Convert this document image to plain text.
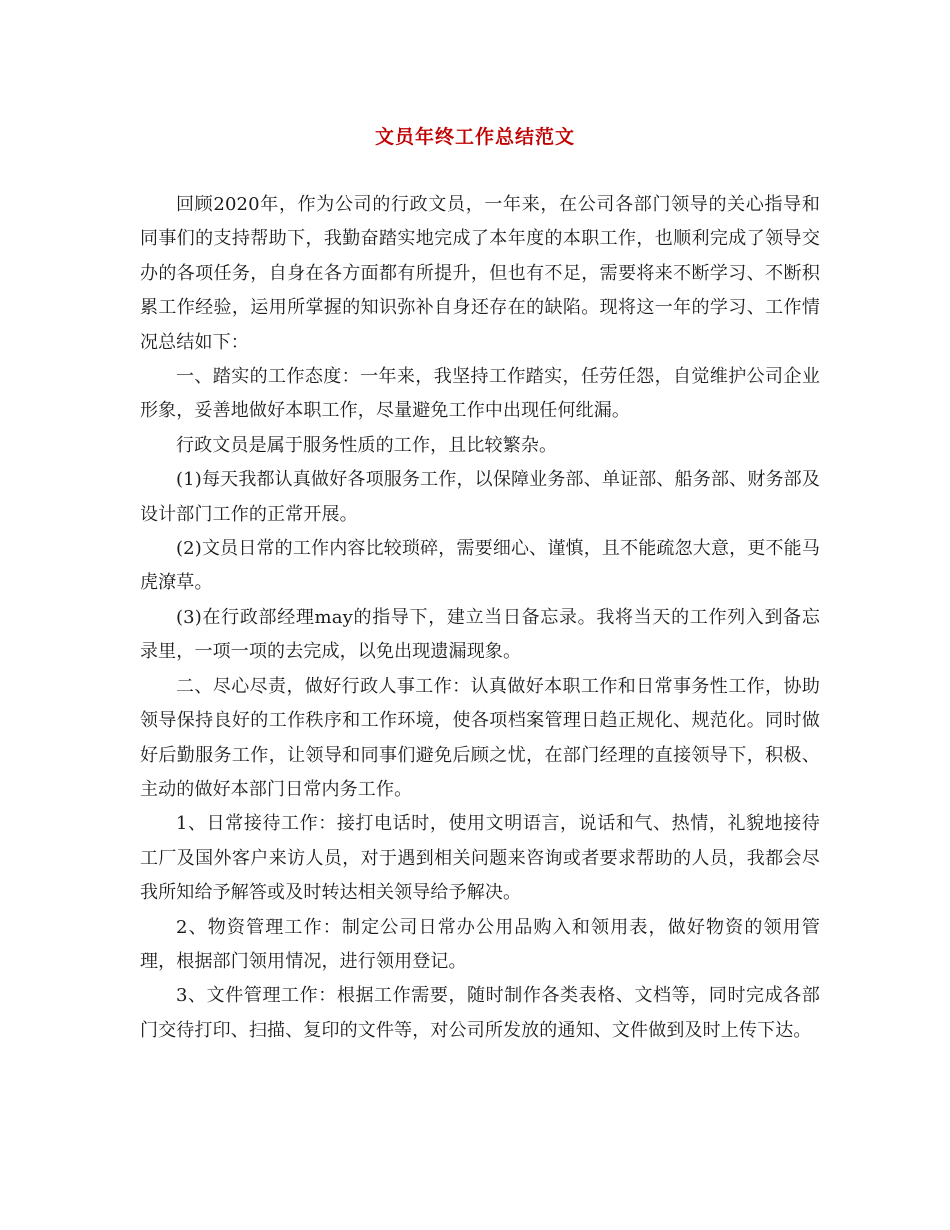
文员年终工作总结范文

回顾2020年，作为公司的行政文员，一年来，在公司各部门领导的关心指导和同事们的支持帮助下，我勤奋踏实地完成了本年度的本职工作，也顺利完成了领导交办的各项任务，自身在各方面都有所提升，但也有不足，需要将来不断学习、不断积累工作经验，运用所掌握的知识弥补自身还存在的缺陷。现将这一年的学习、工作情况总结如下：

一、踏实的工作态度：一年来，我坚持工作踏实，任劳任怨，自觉维护公司企业形象，妥善地做好本职工作，尽量避免工作中出现任何纰漏。

行政文员是属于服务性质的工作，且比较繁杂。

(1)每天我都认真做好各项服务工作，以保障业务部、单证部、船务部、财务部及设计部门工作的正常开展。

(2)文员日常的工作内容比较琐碎，需要细心、谨慎，且不能疏忽大意，更不能马虎潦草。

(3)在行政部经理may的指导下，建立当日备忘录。我将当天的工作列入到备忘录里，一项一项的去完成，以免出现遗漏现象。

二、尽心尽责，做好行政人事工作：认真做好本职工作和日常事务性工作，协助领导保持良好的工作秩序和工作环境，使各项档案管理日趋正规化、规范化。同时做好后勤服务工作，让领导和同事们避免后顾之忧，在部门经理的直接领导下，积极、主动的做好本部门日常内务工作。

1、日常接待工作：接打电话时，使用文明语言，说话和气、热情，礼貌地接待工厂及国外客户来访人员，对于遇到相关问题来咨询或者要求帮助的人员，我都会尽我所知给予解答或及时转达相关领导给予解决。

2、物资管理工作：制定公司日常办公用品购入和领用表，做好物资的领用管理，根据部门领用情况，进行领用登记。

3、文件管理工作：根据工作需要，随时制作各类表格、文档等，同时完成各部门交待打印、扫描、复印的文件等，对公司所发放的通知、文件做到及时上传下达。
